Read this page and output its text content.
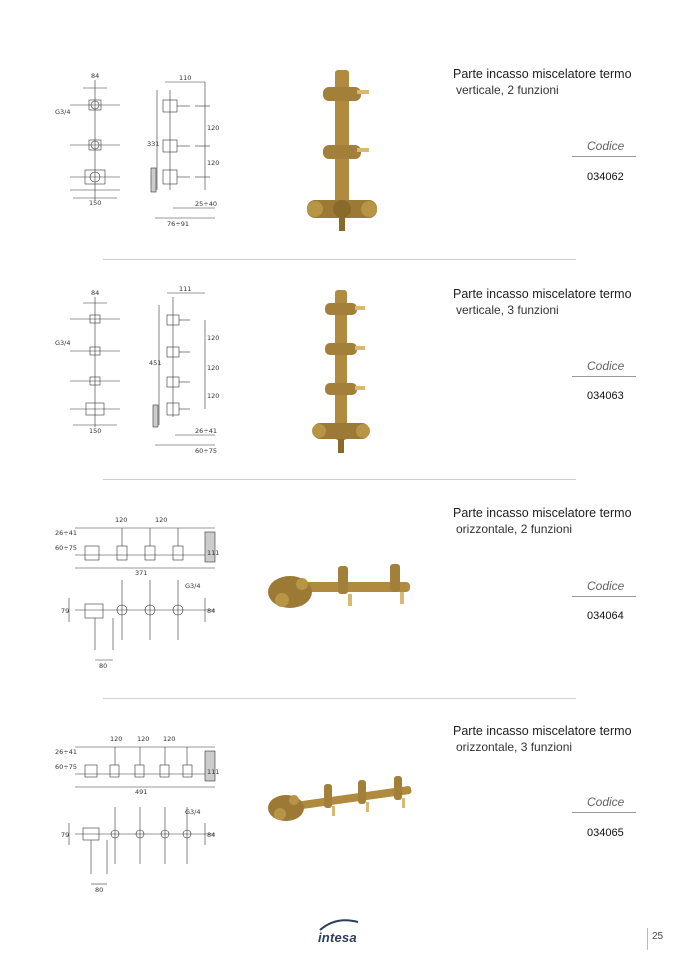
84
150
110
120
120
331
25÷40
76÷91
G3/4
Parte incasso miscelatore termo
verticale, 2 funzioni
Codice
034062
84
150
111
120
120
120
451
26÷41
60÷75
G3/4
Parte incasso miscelatore termo
verticale, 3 funzioni
Codice
034063
120	120
371
111
26÷41
60÷75
79	84
80
G3/4
Parte incasso miscelatore termo
orizzontale, 2 funzioni
Codice
034064
120 120 120
491
111
26÷41
60÷75
79	84
80
G3/4
Parte incasso miscelatore termo
orizzontale, 3 funzioni
Codice
034065
intesa	25
